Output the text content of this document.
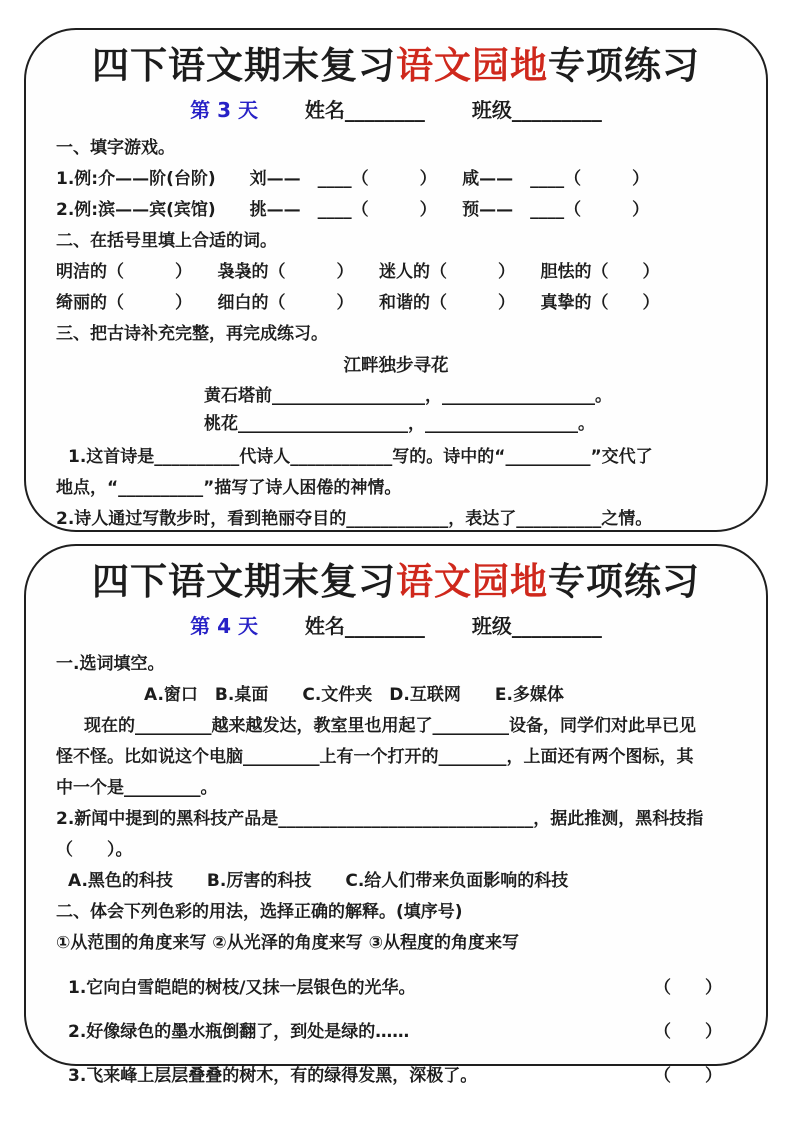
四下语文期末复习语文园地专项练习
第 3 天 姓名________ 班级_________
一、填字游戏。
1.例:介——阶(台阶)　　刘——　____（　　　）　　咸——　____（　　　）
2.例:滨——宾(宾馆)　　挑——　____（　　　）　　预——　____（　　　）
二、在括号里填上合适的词。
明洁的（　　　）　　袅袅的（　　　）　　迷人的（　　　）　　胆怯的（　　）
绮丽的（　　　）　　细白的（　　　）　　和谐的（　　　）　　真挚的（　　）
三、把古诗补充完整，再完成练习。
江畔独步寻花
黄石塔前__________________，__________________。
桃花____________________，__________________。
1.这首诗是__________代诗人____________写的。诗中的“__________”交代了
地点，“__________”描写了诗人困倦的神情。
2.诗人通过写散步时，看到艳丽夺目的____________，表达了__________之情。
四下语文期末复习语文园地专项练习
第 4 天 姓名________ 班级_________
一.选词填空。
A.窗口　B.桌面　　C.文件夹　D.互联网　　E.多媒体
现在的_________越来越发达，教室里也用起了_________设备，同学们对此早已见
怪不怪。比如说这个电脑_________上有一个打开的________，上面还有两个图标，其
中一个是_________。
2.新闻中提到的黑科技产品是______________________________，据此推测，黑科技指
（　　）。
A.黑色的科技　　B.厉害的科技　　C.给人们带来负面影响的科技
二、体会下列色彩的用法，选择正确的解释。(填序号)
①从范围的角度来写 ②从光泽的角度来写 ③从程度的角度来写
1.它向白雪皑皑的树枝/又抹一层银色的光华。	（　　）
2.好像绿色的墨水瓶倒翻了，到处是绿的……	（　　）
3.飞来峰上层层叠叠的树木，有的绿得发黑，深极了。	（　　）
